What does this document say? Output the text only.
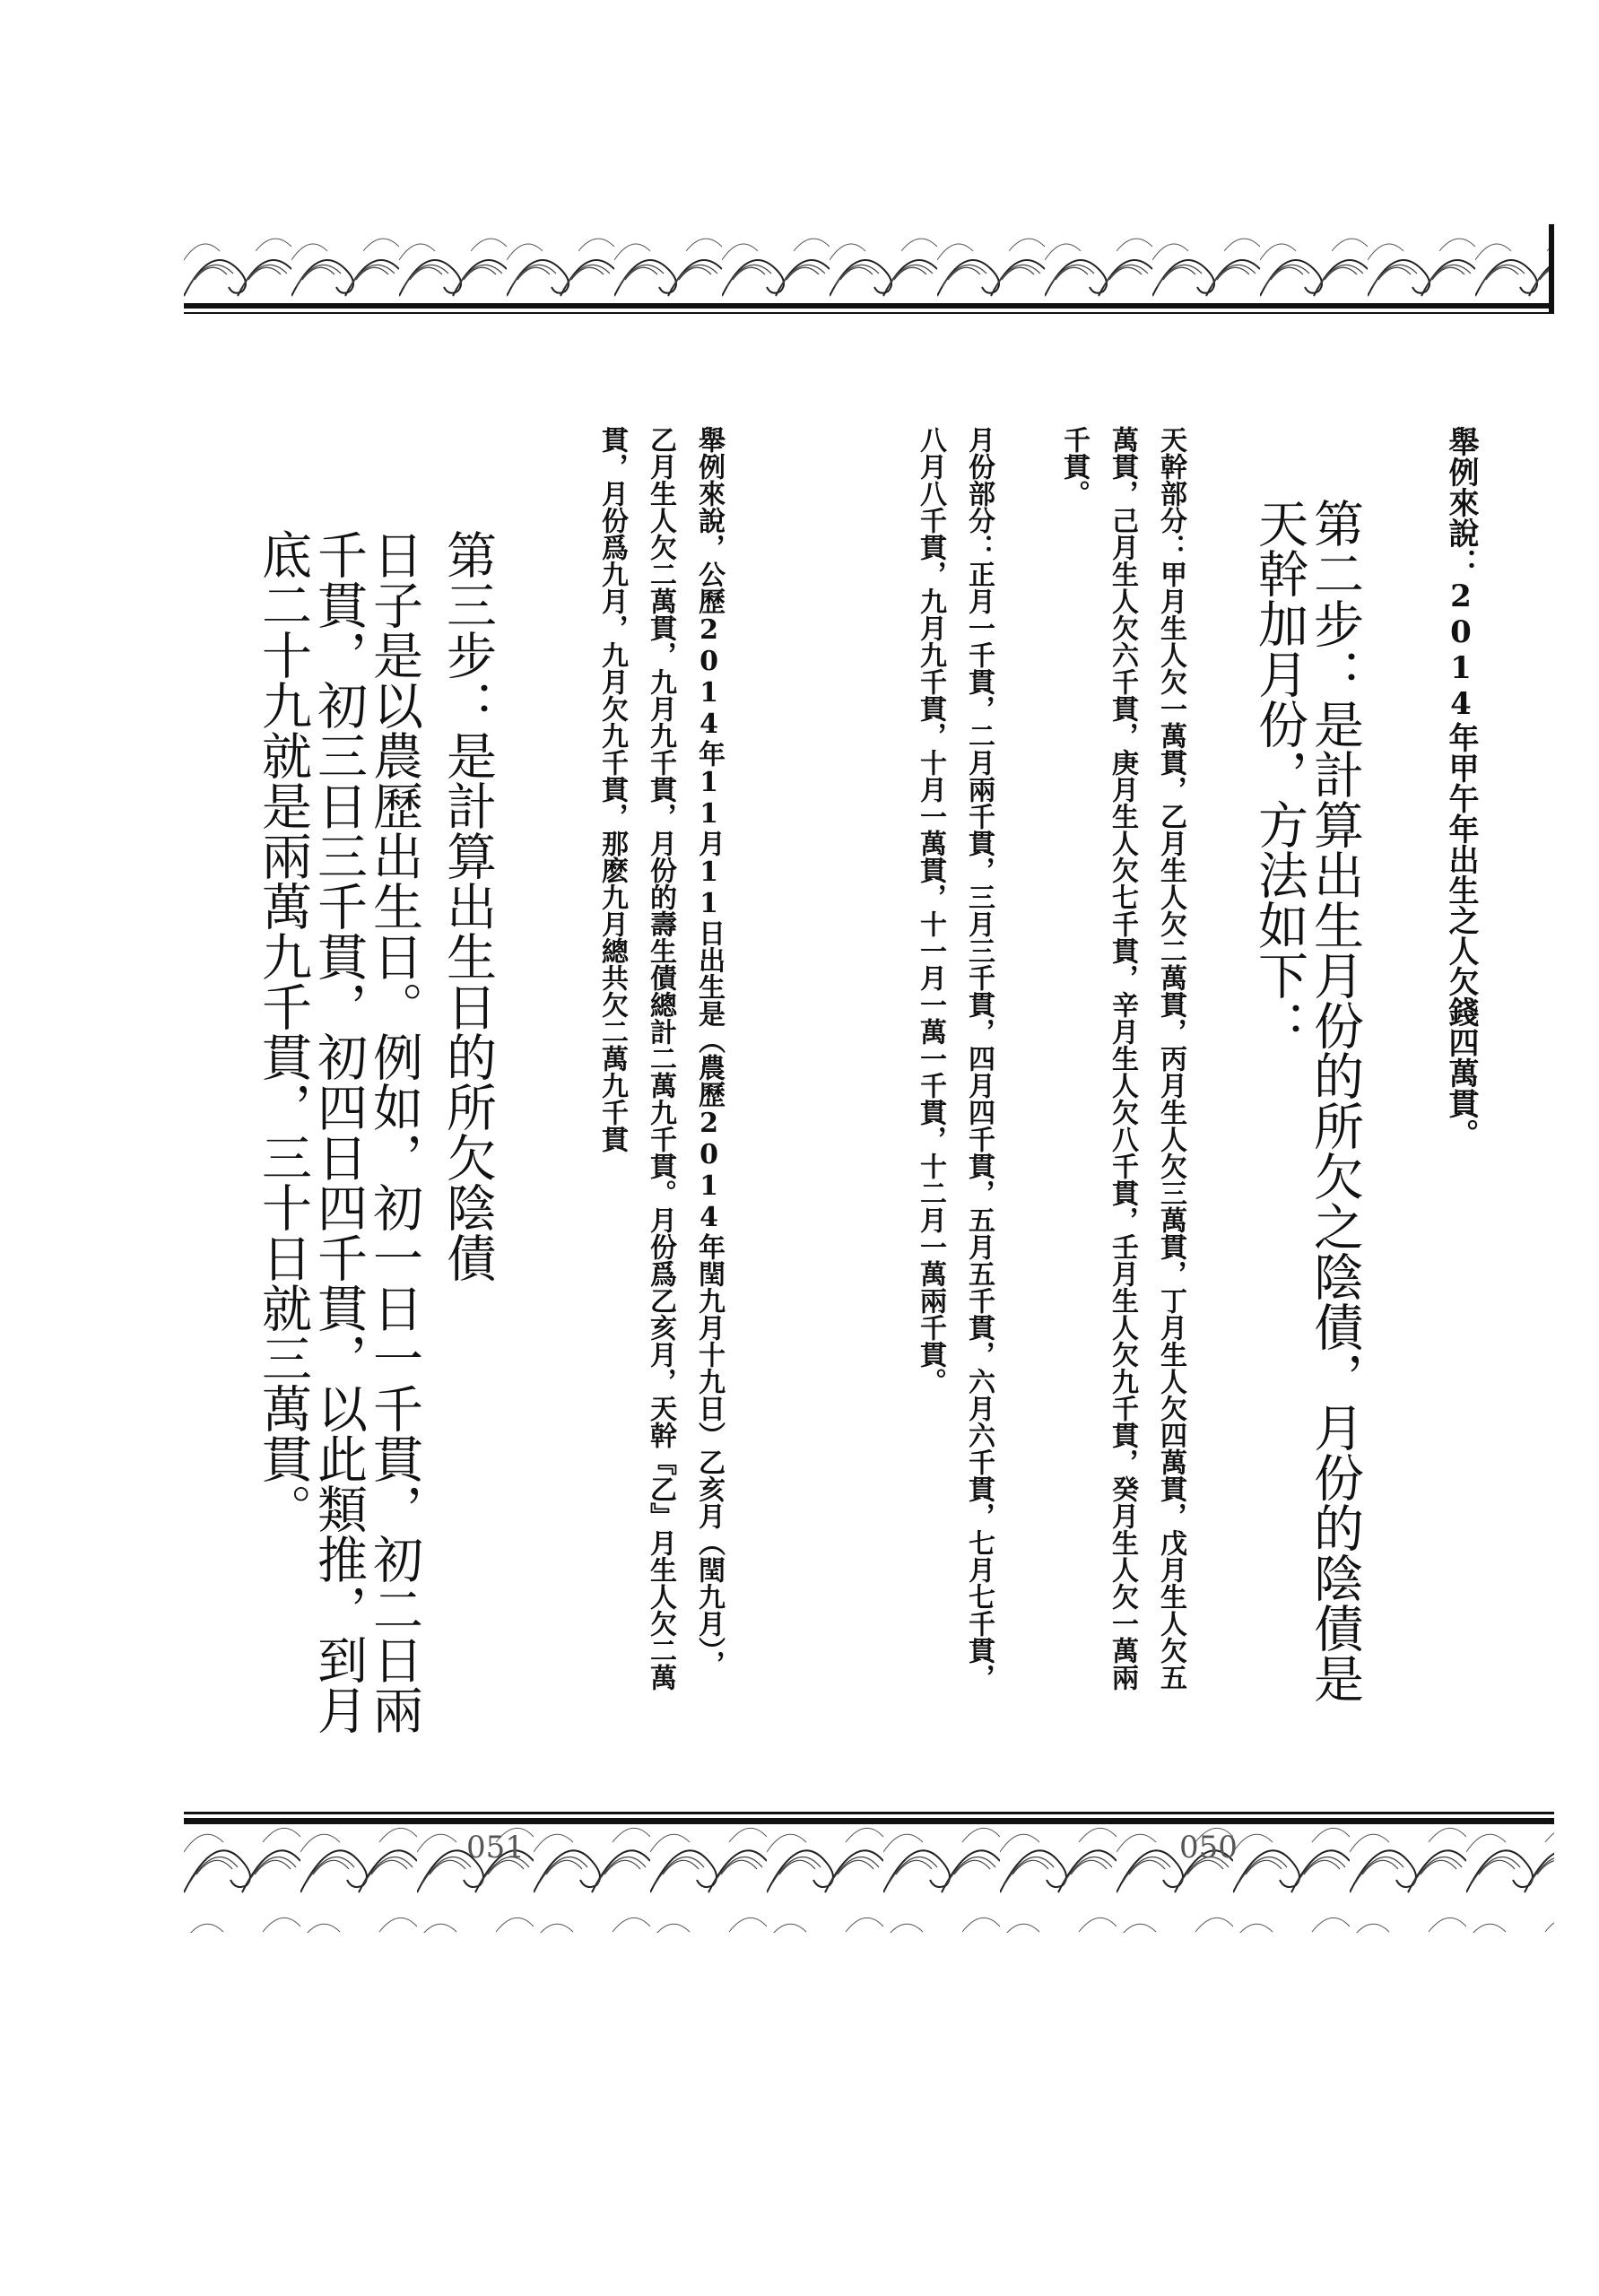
舉例來說：2014年甲午年出生之人欠錢四萬貫。
第二步：是計算出生月份的所欠之陰債，月份的陰債是天幹加月份，方法如下：
天幹部分：甲月生人欠一萬貫，乙月生人欠二萬貫，丙月生人欠三萬貫，丁月生人欠四萬貫，戊月生人欠五萬貫，己月生人欠六千貫，庚月生人欠七千貫，辛月生人欠八千貫，壬月生人欠九千貫，癸月生人欠一萬兩千貫。
月份部分：正月一千貫，二月兩千貫，三月三千貫，四月四千貫，五月五千貫，六月六千貫，七月七千貫，八月八千貫，九月九千貫，十月一萬貫，十一月一萬一千貫，十二月一萬兩千貫。
舉例來說，公歷2014年11月11日出生是（農歷2014年閏九月十九日）乙亥月（閏九月），乙月生人欠二萬貫，九月九千貫，月份的壽生債總計二萬九千貫。月份爲乙亥月，天幹『乙』月生人欠二萬貫，月份爲九月，九月欠九千貫，那麽九月總共欠二萬九千貫
第三步：是計算出生日的所欠陰債
日子是以農歷出生日。例如，初一日一千貫，初二日兩千貫，初三日三千貫，初四日四千貫，以此類推，到月底二十九就是兩萬九千貫，三十日就三萬貫。
051	050
